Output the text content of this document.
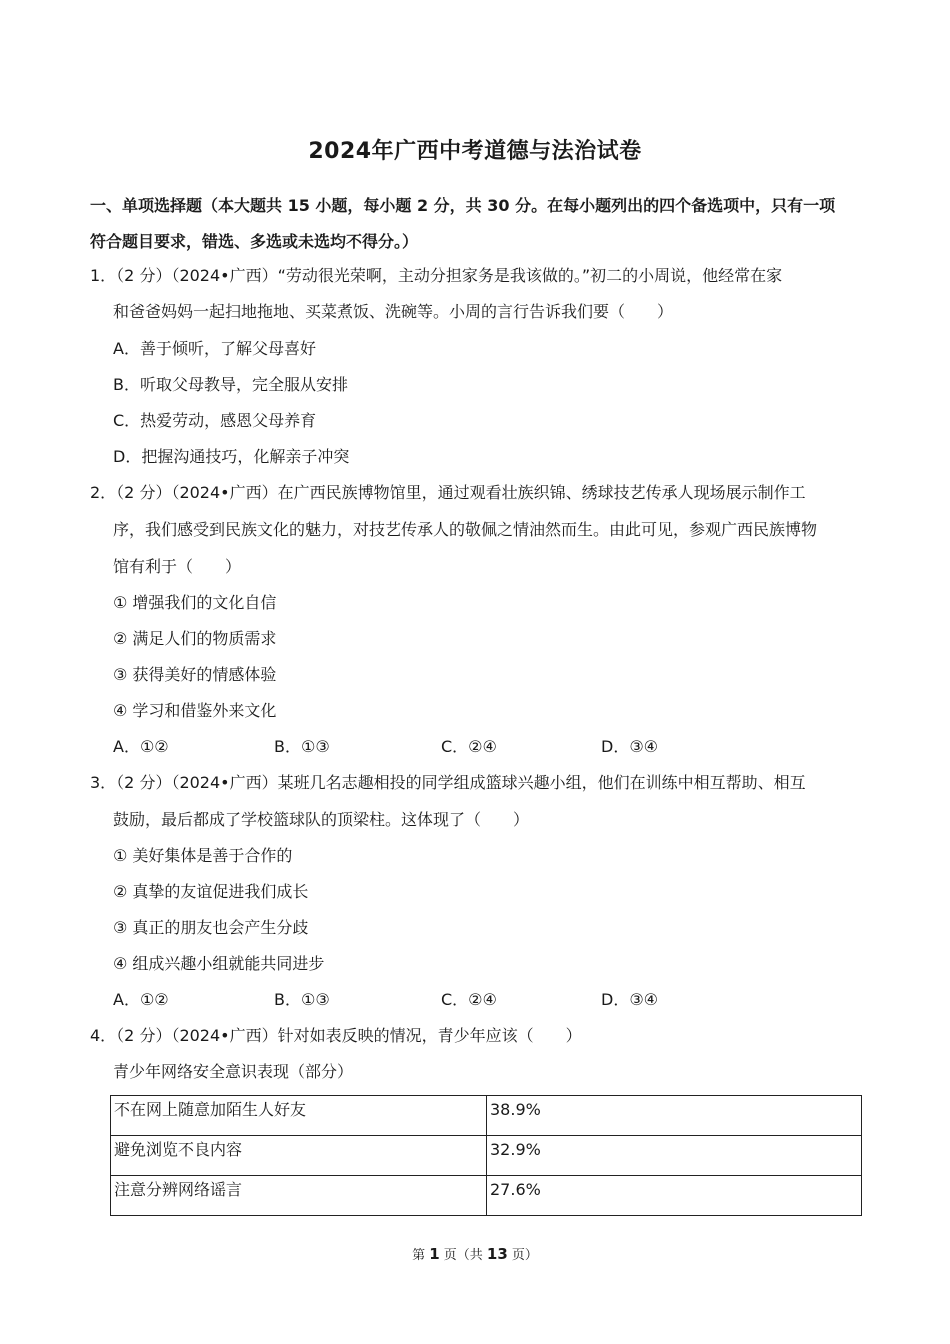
2024年广西中考道德与法治试卷
一、单项选择题（本大题共 15 小题，每小题 2 分，共 30 分。在每小题列出的四个备选项中，只有一项
符合题目要求，错选、多选或未选均不得分。）
1．（2 分）（2024•广西）“劳动很光荣啊，主动分担家务是我该做的。”初二的小周说，他经常在家
和爸爸妈妈一起扫地拖地、买菜煮饭、洗碗等。小周的言行告诉我们要（　　）
A．善于倾听，了解父母喜好
B．听取父母教导，完全服从安排
C．热爱劳动，感恩父母养育
D．把握沟通技巧，化解亲子冲突
2．（2 分）（2024•广西）在广西民族博物馆里，通过观看壮族织锦、绣球技艺传承人现场展示制作工
序，我们感受到民族文化的魅力，对技艺传承人的敬佩之情油然而生。由此可见，参观广西民族博物
馆有利于（　　）
① 增强我们的文化自信
② 满足人们的物质需求
③ 获得美好的情感体验
④ 学习和借鉴外来文化
A．①②	B．①③	C．②④	D．③④
3．（2 分）（2024•广西）某班几名志趣相投的同学组成篮球兴趣小组，他们在训练中相互帮助、相互
鼓励，最后都成了学校篮球队的顶梁柱。这体现了（　　）
① 美好集体是善于合作的
② 真挚的友谊促进我们成长
③ 真正的朋友也会产生分歧
④ 组成兴趣小组就能共同进步
A．①②	B．①③	C．②④	D．③④
4．（2 分）（2024•广西）针对如表反映的情况，青少年应该（　　）
青少年网络安全意识表现（部分）
不在网上随意加陌生人好友	38.9%
避免浏览不良内容	32.9%
注意分辨网络谣言	27.6%
第 1 页（共 13 页）
